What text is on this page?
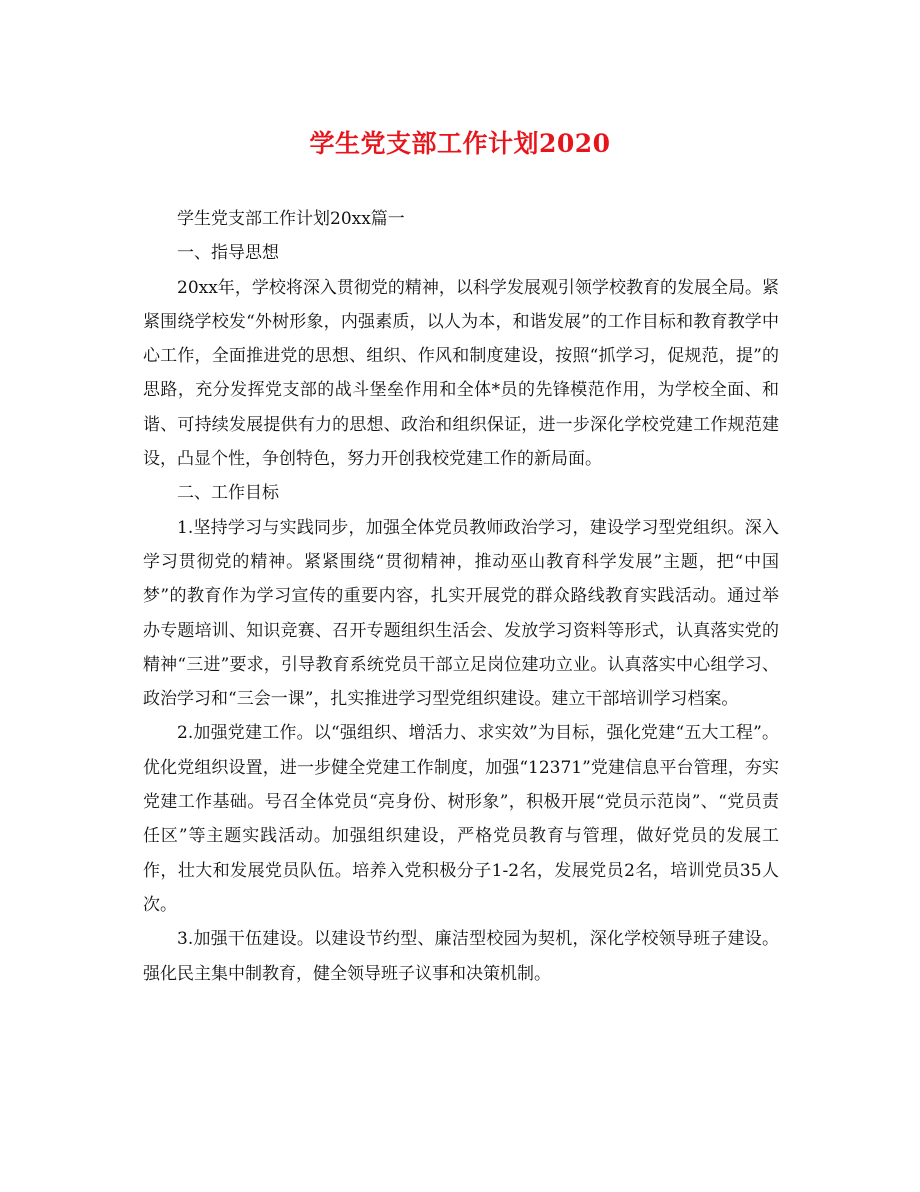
学生党支部工作计划2020

学生党支部工作计划20xx篇一

一、指导思想

20xx年，学校将深入贯彻党的精神，以科学发展观引领学校教育的发展全局。紧紧围绕学校发“外树形象，内强素质，以人为本，和谐发展”的工作目标和教育教学中心工作，全面推进党的思想、组织、作风和制度建设，按照“抓学习，促规范，提”的思路，充分发挥党支部的战斗堡垒作用和全体*员的先锋模范作用，为学校全面、和谐、可持续发展提供有力的思想、政治和组织保证，进一步深化学校党建工作规范建设，凸显个性，争创特色，努力开创我校党建工作的新局面。

二、工作目标

1.坚持学习与实践同步，加强全体党员教师政治学习，建设学习型党组织。深入学习贯彻党的精神。紧紧围绕“贯彻精神，推动巫山教育科学发展”主题，把“中国梦”的教育作为学习宣传的重要内容，扎实开展党的群众路线教育实践活动。通过举办专题培训、知识竞赛、召开专题组织生活会、发放学习资料等形式，认真落实党的精神“三进”要求，引导教育系统党员干部立足岗位建功立业。认真落实中心组学习、政治学习和“三会一课”，扎实推进学习型党组织建设。建立干部培训学习档案。

2.加强党建工作。以“强组织、增活力、求实效”为目标，强化党建“五大工程”。优化党组织设置，进一步健全党建工作制度，加强“12371”党建信息平台管理，夯实党建工作基础。号召全体党员“亮身份、树形象”，积极开展“党员示范岗”、“党员责任区”等主题实践活动。加强组织建设，严格党员教育与管理，做好党员的发展工作，壮大和发展党员队伍。培养入党积极分子1-2名，发展党员2名，培训党员35人次。

3.加强干伍建设。以建设节约型、廉洁型校园为契机，深化学校领导班子建设。强化民主集中制教育，健全领导班子议事和决策机制。
